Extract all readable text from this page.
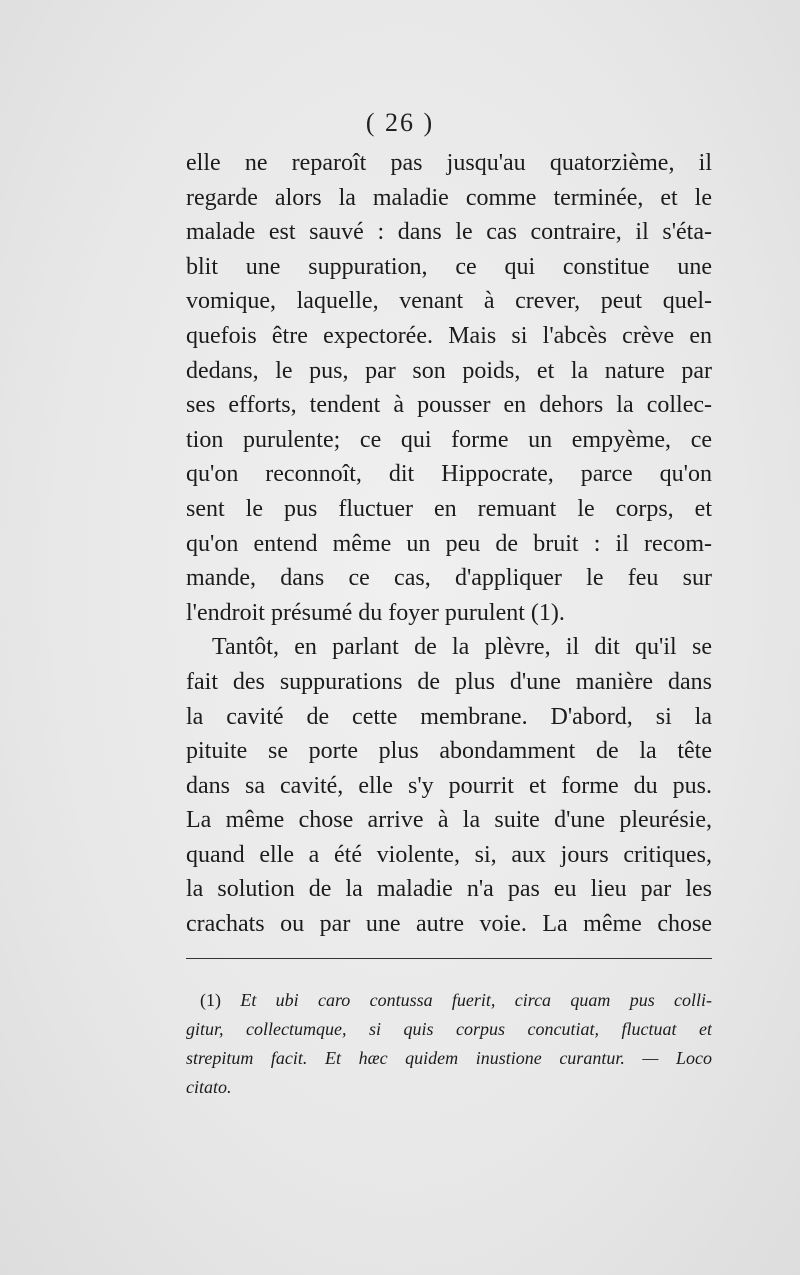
( 26 )
elle ne reparoît pas jusqu'au quatorzième, il
regarde alors la maladie comme terminée, et le
malade est sauvé : dans le cas contraire, il s'éta-
blit une suppuration, ce qui constitue une
vomique, laquelle, venant à crever, peut quel-
quefois être expectorée. Mais si l'abcès crève en
dedans, le pus, par son poids, et la nature par
ses efforts, tendent à pousser en dehors la collec-
tion purulente; ce qui forme un empyème, ce
qu'on reconnoît, dit Hippocrate, parce qu'on
sent le pus fluctuer en remuant le corps, et
qu'on entend même un peu de bruit : il recom-
mande, dans ce cas, d'appliquer le feu sur
l'endroit présumé du foyer purulent (1).
Tantôt, en parlant de la plèvre, il dit qu'il se
fait des suppurations de plus d'une manière dans
la cavité de cette membrane. D'abord, si la
pituite se porte plus abondamment de la tête
dans sa cavité, elle s'y pourrit et forme du pus.
La même chose arrive à la suite d'une pleurésie,
quand elle a été violente, si, aux jours critiques,
la solution de la maladie n'a pas eu lieu par les
crachats ou par une autre voie. La même chose
(1) Et ubi caro contussa fuerit, circa quam pus colli-
gitur, collectumque, si quis corpus concutiat, fluctuat et
strepitum facit. Et hæc quidem inustione curantur. — Loco
citato.
